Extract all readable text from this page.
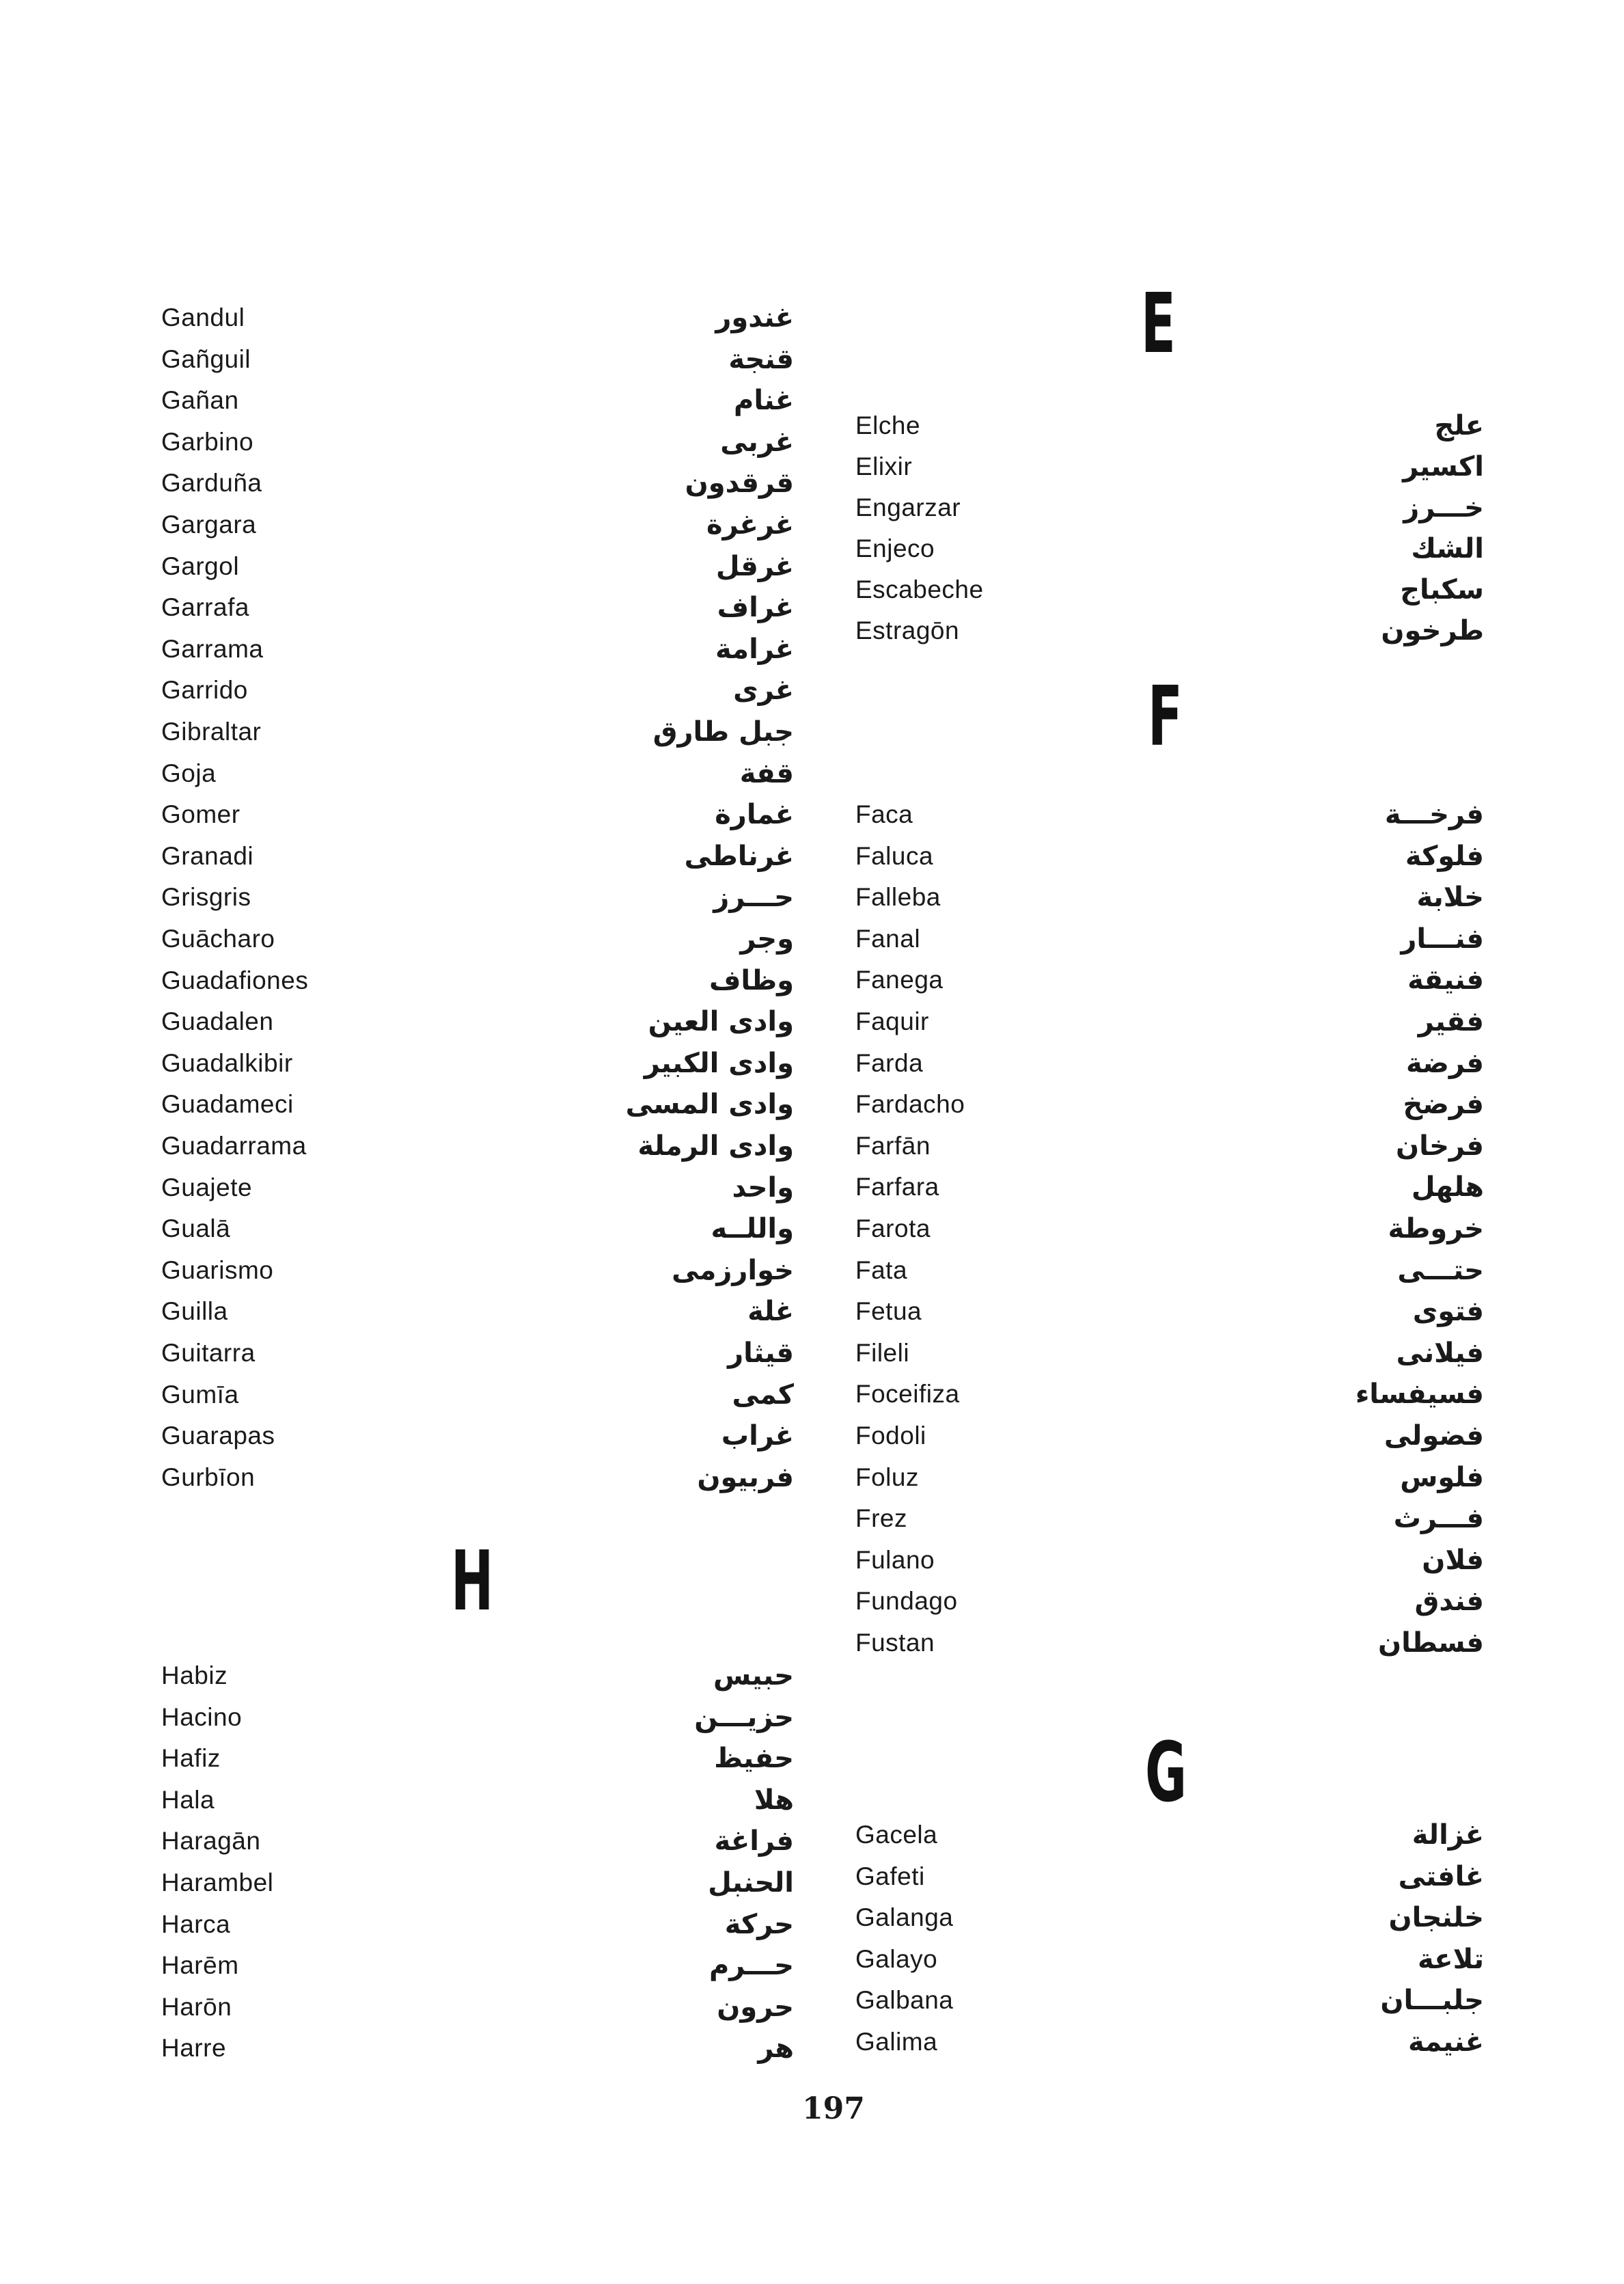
Gandul	غندور
Gañguil	قنجة
Gañan	غنام
Garbino	غربى
Garduña	قرقدون
Gargara	غرغرة
Gargol	غرقل
Garrafa	غراف
Garrama	غرامة
Garrido	غرى
Gibraltar	جبل طارق
Goja	قفة
Gomer	غمارة
Granadi	غرناطى
Grisgris	حـــرز
Guācharo	وجر
Guadafiones	وظاف
Guadalen	وادى العين
Guadalkibir	وادى الكبير
Guadameci	وادى المسى
Guadarrama	وادى الرملة
Guajete	واحد
Gualā	واللــه
Guarismo	خوارزمى
Guilla	غلة
Guitarra	قيثار
Gumīa	كمى
Guarapas	غراب
Gurbīon	فربيون
Habiz	حبيس
Hacino	حزيـــن
Hafiz	حفيظ
Hala	هلا
Haragān	فراغة
Harambel	الحنبل
Harca	حركة
Harēm	حـــرم
Harōn	حرون
Harre	هر
H
E
Elche	علج
Elixir	اكسير
Engarzar	خـــرز
Enjeco	الشك
Escabeche	سكباج
Estragōn	طرخون
Faca	فرخـــة
Faluca	فلوكة
Falleba	خلابة
Fanal	فنـــار
Fanega	فنيقة
Faquir	فقير
Farda	فرضة
Fardacho	فرضخ
Farfān	فرخان
Farfara	هلهل
Farota	خروطة
Fata	حتـــى
Fetua	فتوى
Fileli	فيلانى
Foceifiza	فسيفساء
Fodoli	فضولى
Foluz	فلوس
Frez	فـــرث
Fulano	فلان
Fundago	فندق
Fustan	فسطان
Gacela	غزالة
Gafeti	غافتى
Galanga	خلنجان
Galayo	تلاعة
Galbana	جلبـــان
Galima	غنيمة
F
G
197
